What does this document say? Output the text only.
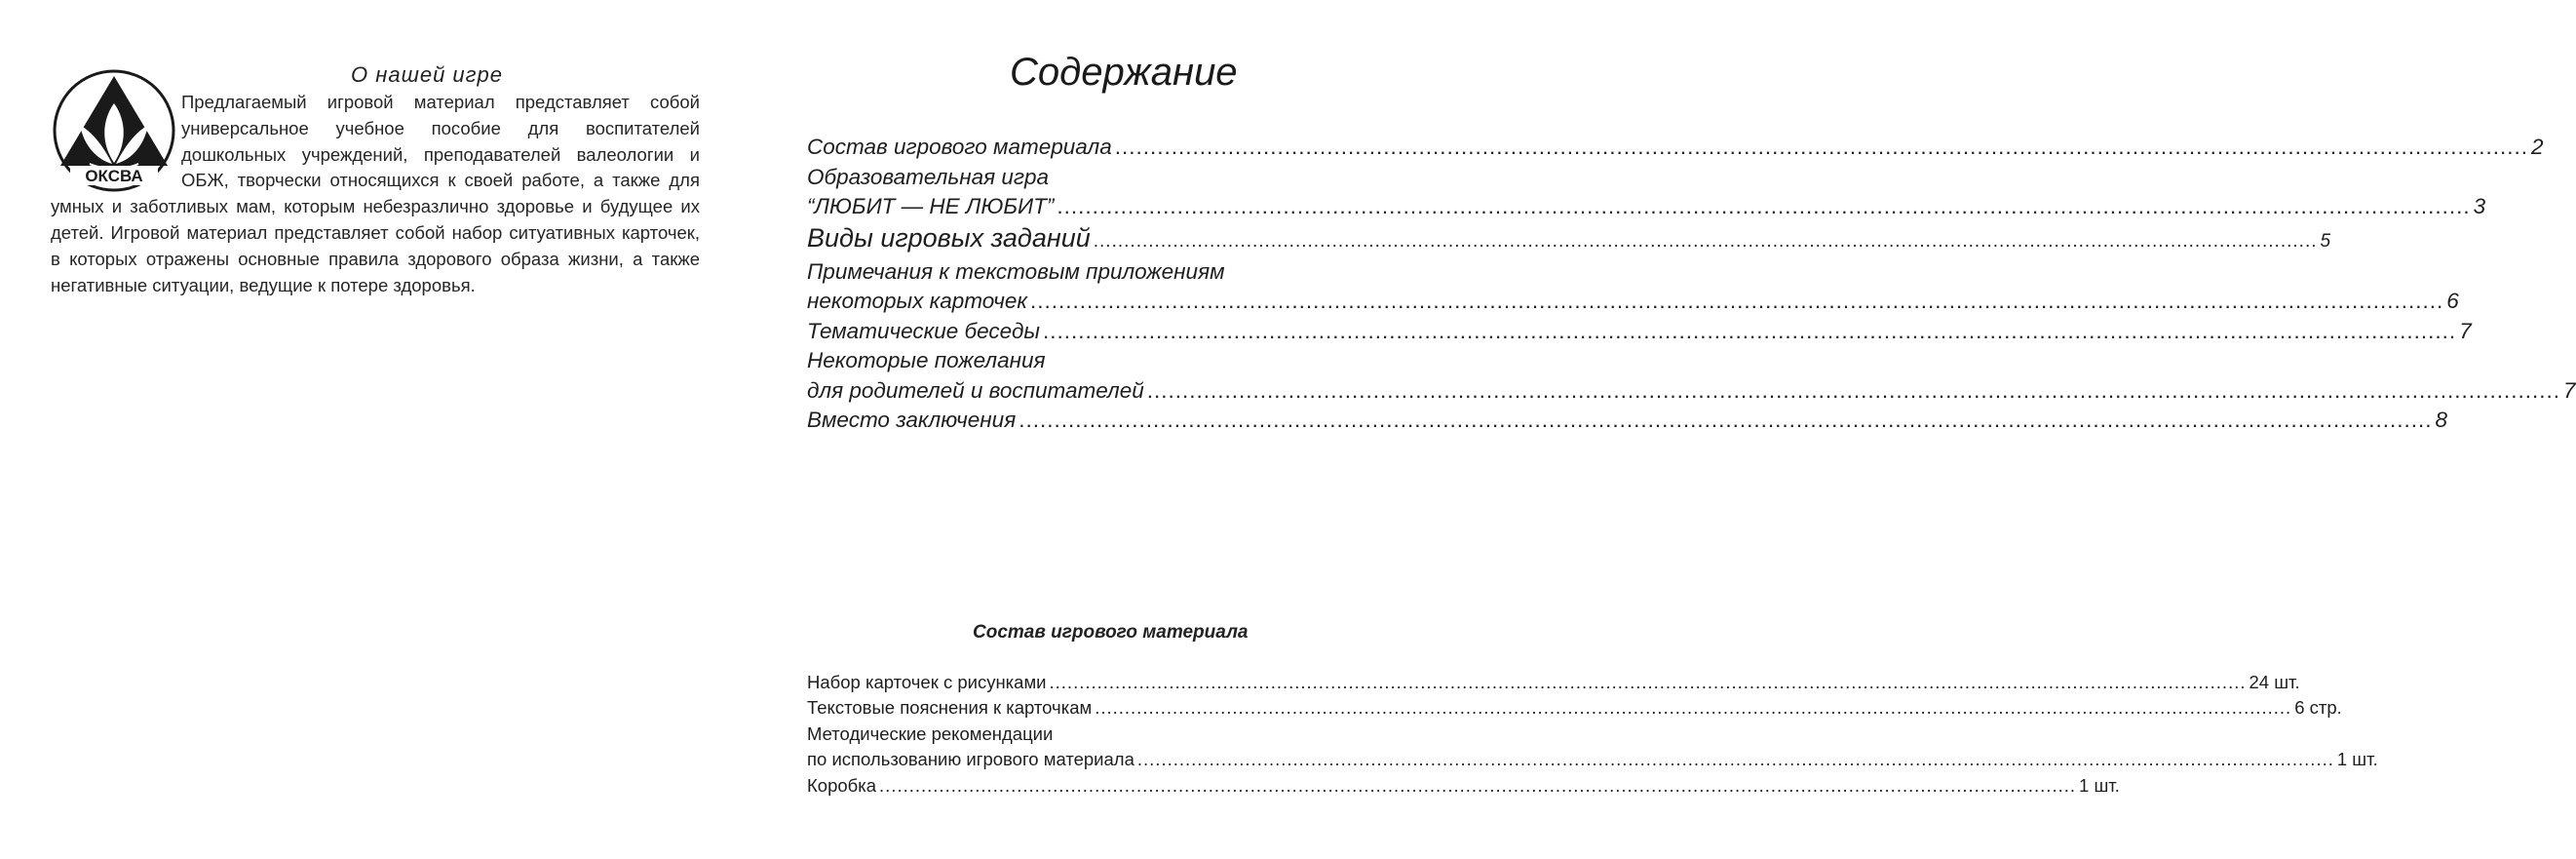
О нашей игре
ОКСВА

Предлагаемый игровой материал представляет собой универсальное учебное пособие для воспитателей дошкольных учреждений, преподавателей валеологии и ОБЖ, творчески относящихся к своей работе, а также для умных и заботливых мам, которым небезразлично здоровье и будущее их детей. Игровой материал представляет собой набор ситуативных карточек, в которых отражены основные правила здорового образа жизни, а также негативные ситуации, ведущие к потере здоровья.

Содержание
Состав игрового материала ........................................................................................................................................................................................................ 2
Образовательная игра
“ЛЮБИТ — НЕ ЛЮБИТ” ........................................................................................................................................................................................................ 3
Виды игровых заданий ........................................................................................................................................................................................................ 5
Примечания к текстовым приложениям
некоторых карточек ........................................................................................................................................................................................................ 6
Тематические беседы ........................................................................................................................................................................................................ 7
Некоторые пожелания
для родителей и воспитателей ........................................................................................................................................................................................................ 7
Вместо заключения ........................................................................................................................................................................................................ 8
Состав игрового материала
Набор карточек с рисунками ........................................................................................................................................................................................................ 24 шт.
Текстовые пояснения к карточкам ........................................................................................................................................................................................................ 6 стр.
Методические рекомендации
по использованию игрового материала ........................................................................................................................................................................................................ 1 шт.
Коробка ........................................................................................................................................................................................................ 1 шт.
